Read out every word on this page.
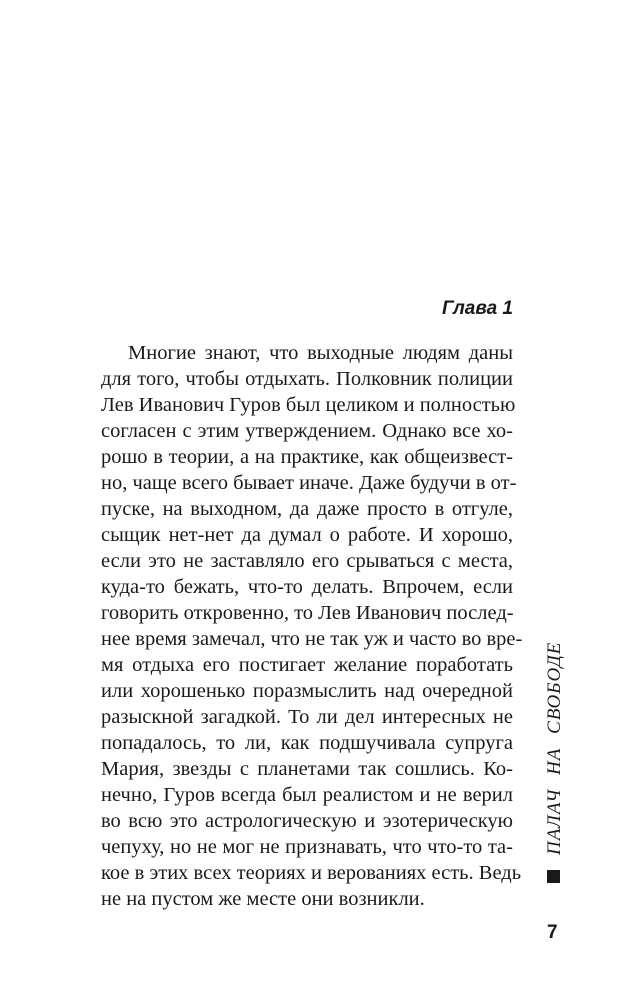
Глава 1
Многие знают, что выходные людям даны
для того, чтобы отдыхать. Полковник полиции
Лев Иванович Гуров был целиком и полностью
согласен с этим утверждением. Однако все хо-
рошо в теории, а на практике, как общеизвест-
но, чаще всего бывает иначе. Даже будучи в от-
пуске, на выходном, да даже просто в отгуле,
сыщик нет-нет да думал о работе. И хорошо,
если это не заставляло его срываться с места,
куда-то бежать, что-то делать. Впрочем, если
говорить откровенно, то Лев Иванович послед-
нее время замечал, что не так уж и часто во вре-
мя отдыха его постигает желание поработать
или хорошенько поразмыслить над очередной
разыскной загадкой. То ли дел интересных не
попадалось, то ли, как подшучивала супруга
Мария, звезды с планетами так сошлись. Ко-
нечно, Гуров всегда был реалистом и не верил
во всю это астрологическую и эзотерическую
чепуху, но не мог не признавать, что что-то та-
кое в этих всех теориях и верованиях есть. Ведь
не на пустом же месте они возникли.
ПАЛАЧ НА СВОБОДЕ
7
